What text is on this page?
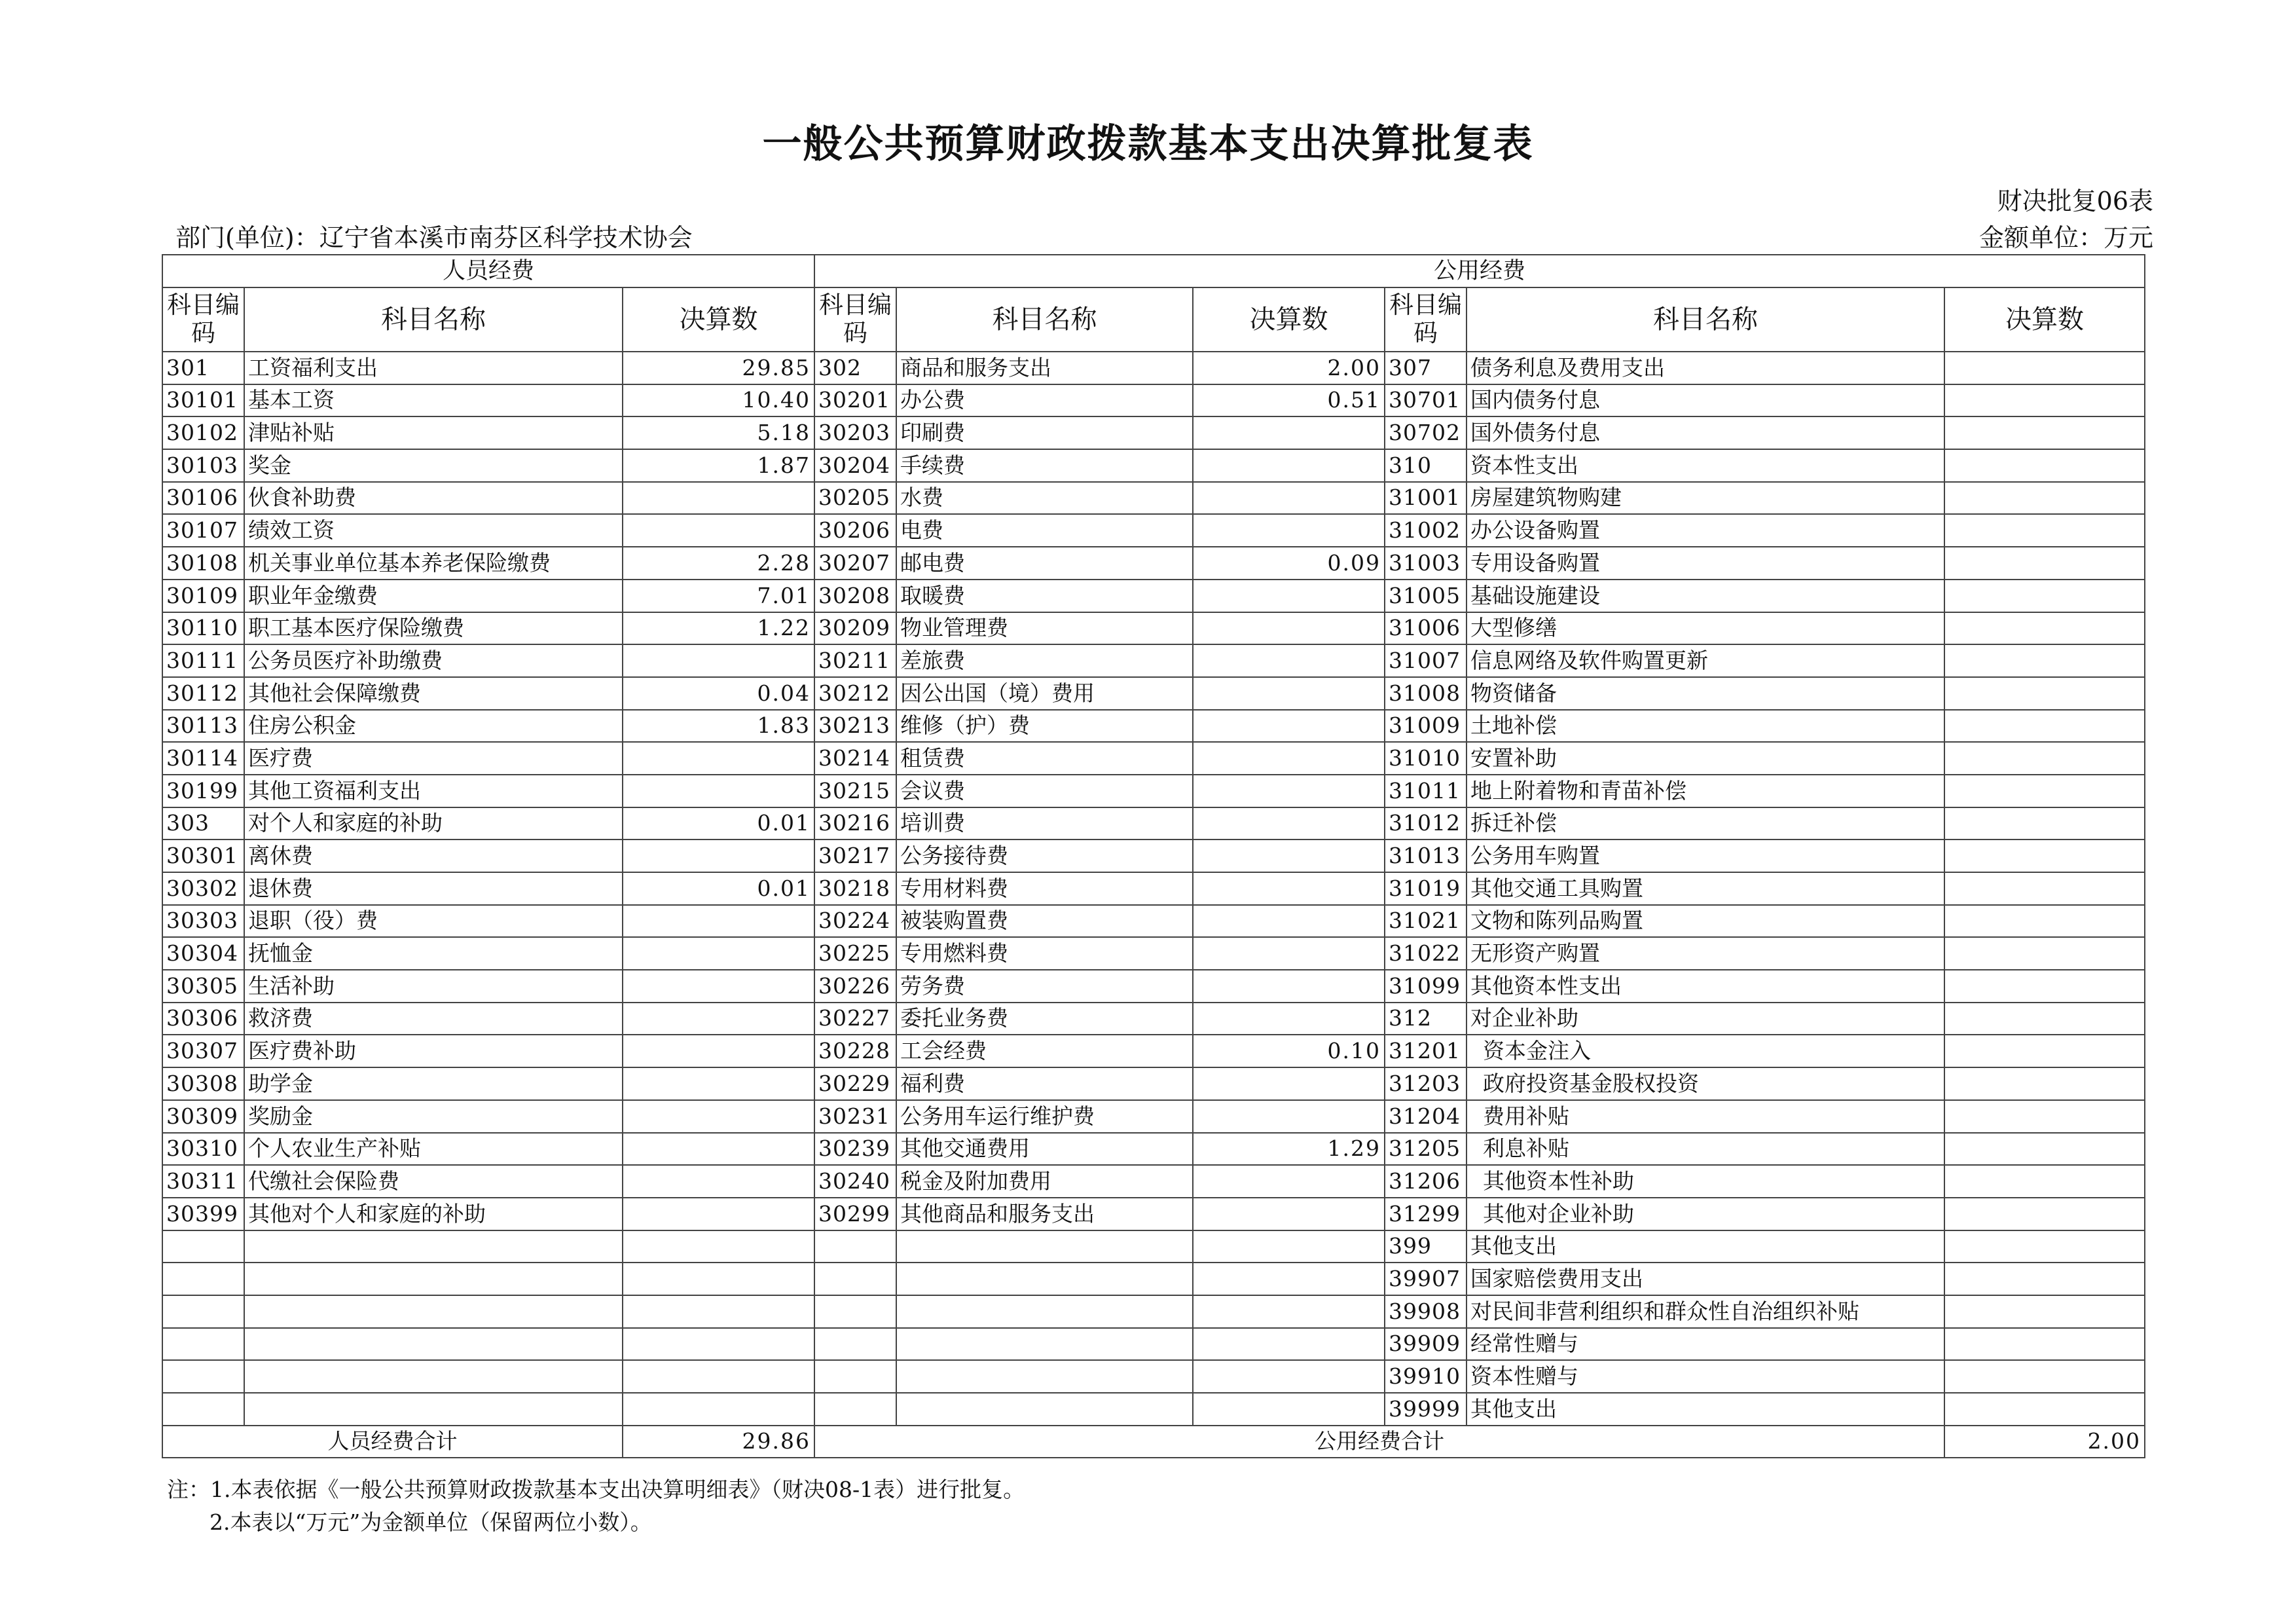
一般公共预算财政拨款基本支出决算批复表
财决批复06表
部门(单位)：辽宁省本溪市南芬区科学技术协会	金额单位：万元
人员经费			公用经费					
科目编码	科目名称	决算数	科目编码	科目名称	决算数	科目编码	科目名称	决算数
301	工资福利支出	29.85	302	商品和服务支出	2.00	307	债务利息及费用支出	
30101	基本工资	10.40	30201	办公费	0.51	30701	国内债务付息	
30102	津贴补贴	5.18	30203	印刷费		30702	国外债务付息	
30103	奖金	1.87	30204	手续费		310	资本性支出	
30106	伙食补助费		30205	水费		31001	房屋建筑物购建	
30107	绩效工资		30206	电费		31002	办公设备购置	
30108	机关事业单位基本养老保险缴费	2.28	30207	邮电费	0.09	31003	专用设备购置	
30109	职业年金缴费	7.01	30208	取暖费		31005	基础设施建设	
30110	职工基本医疗保险缴费	1.22	30209	物业管理费		31006	大型修缮	
30111	公务员医疗补助缴费		30211	差旅费		31007	信息网络及软件购置更新	
30112	其他社会保障缴费	0.04	30212	因公出国（境）费用		31008	物资储备	
30113	住房公积金	1.83	30213	维修（护）费		31009	土地补偿	
30114	医疗费		30214	租赁费		31010	安置补助	
30199	其他工资福利支出		30215	会议费		31011	地上附着物和青苗补偿	
303	对个人和家庭的补助	0.01	30216	培训费		31012	拆迁补偿	
30301	离休费		30217	公务接待费		31013	公务用车购置	
30302	退休费	0.01	30218	专用材料费		31019	其他交通工具购置	
30303	退职（役）费		30224	被装购置费		31021	文物和陈列品购置	
30304	抚恤金		30225	专用燃料费		31022	无形资产购置	
30305	生活补助		30226	劳务费		31099	其他资本性支出	
30306	救济费		30227	委托业务费		312	对企业补助	
30307	医疗费补助		30228	工会经费	0.10	31201	资本金注入	
30308	助学金		30229	福利费		31203	政府投资基金股权投资	
30309	奖励金		30231	公务用车运行维护费		31204	费用补贴	
30310	个人农业生产补贴		30239	其他交通费用	1.29	31205	利息补贴	
30311	代缴社会保险费		30240	税金及附加费用		31206	其他资本性补助	
30399	其他对个人和家庭的补助		30299	其他商品和服务支出		31299	其他对企业补助	
						399	其他支出	
						39907	国家赔偿费用支出	
						39908	对民间非营利组织和群众性自治组织补贴	
						39909	经常性赠与	
						39910	资本性赠与	
						39999	其他支出	
人员经费合计		29.86	公用经费合计					2.00
注：1.本表依据《一般公共预算财政拨款基本支出决算明细表》（财决08-1表）进行批复。
2.本表以“万元”为金额单位（保留两位小数）。
